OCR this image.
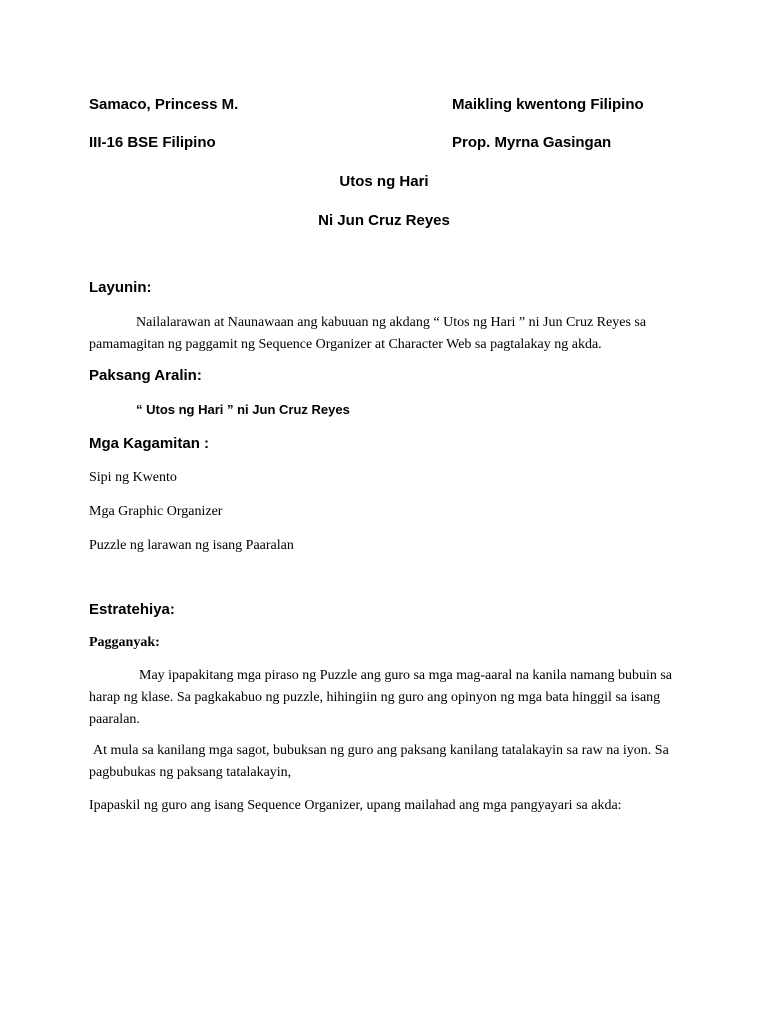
Samaco, Princess M.	Maikling kwentong Filipino
III-16 BSE Filipino	Prop. Myrna Gasingan
Utos ng Hari
Ni Jun Cruz Reyes
Layunin:
Nailalarawan at Naunawaan ang kabuuan ng akdang “ Utos ng Hari ” ni Jun Cruz Reyes sa pamamagitan ng paggamit ng Sequence Organizer at Character Web sa pagtalakay ng akda.
Paksang Aralin:
“ Utos ng Hari ” ni Jun Cruz Reyes
Mga Kagamitan :
Sipi ng Kwento
Mga Graphic Organizer
Puzzle ng larawan ng isang Paaralan
Estratehiya:
Pagganyak:
May ipapakitang mga piraso ng Puzzle ang guro sa mga mag-aaral na kanila namang bubuin sa harap ng klase. Sa pagkakabuo ng puzzle, hihingiin ng guro ang opinyon ng mga bata hinggil sa isang paaralan.
At mula sa kanilang mga sagot, bubuksan ng guro ang paksang kanilang tatalakayin sa raw na iyon. Sa pagbubukas ng paksang tatalakayin,
Ipapaskil ng guro ang isang Sequence Organizer, upang mailahad ang mga pangyayari sa akda:
